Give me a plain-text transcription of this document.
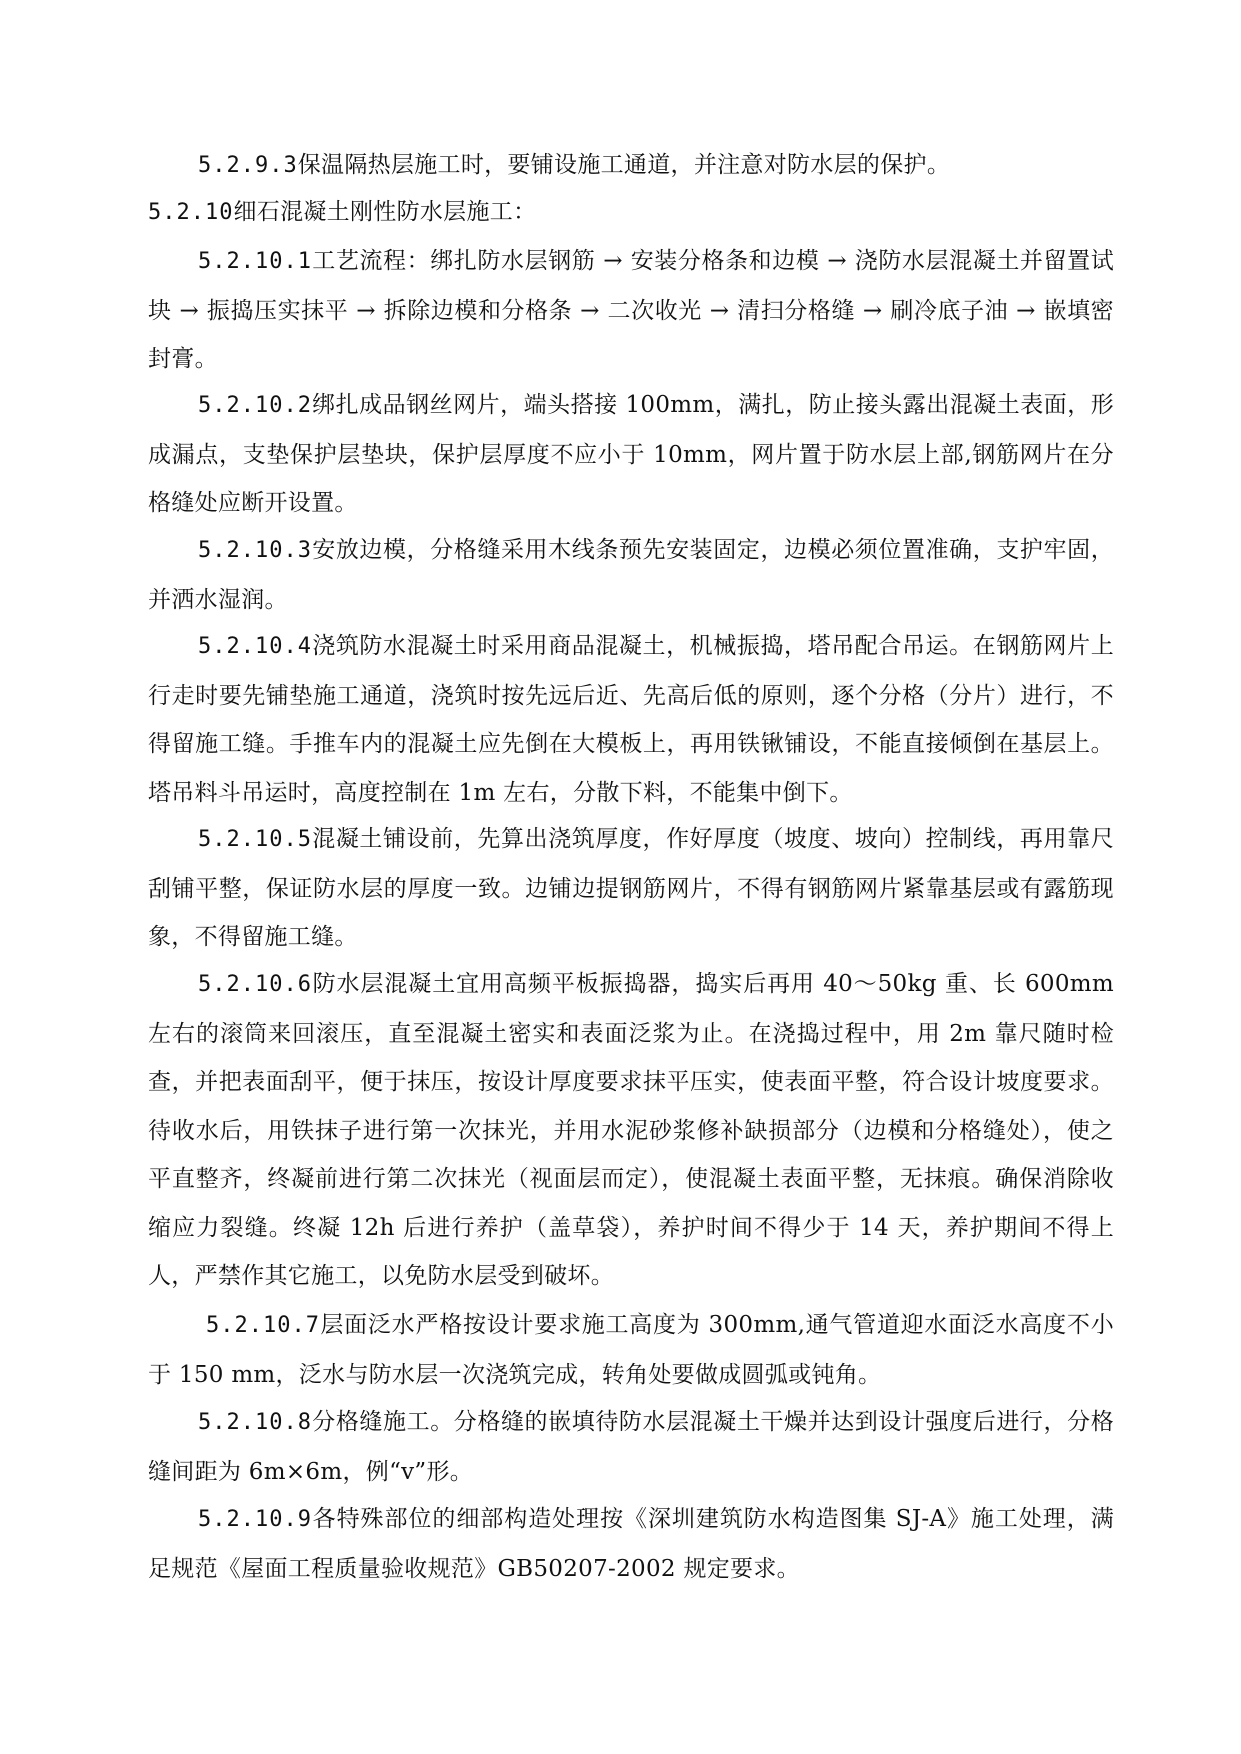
5.2.9.3保温隔热层施工时，要铺设施工通道，并注意对防水层的保护。

5.2.10细石混凝土刚性防水层施工：

5.2.10.1工艺流程：绑扎防水层钢筋 → 安装分格条和边模 → 浇防水层混凝土并留置试块 → 振捣压实抹平 → 拆除边模和分格条 → 二次收光 → 清扫分格缝 → 刷冷底子油 → 嵌填密封膏。

5.2.10.2绑扎成品钢丝网片，端头搭接 100mm，满扎，防止接头露出混凝土表面，形成漏点，支垫保护层垫块，保护层厚度不应小于 10mm，网片置于防水层上部,钢筋网片在分格缝处应断开设置。

5.2.10.3安放边模，分格缝采用木线条预先安装固定，边模必须位置准确，支护牢固，并洒水湿润。

5.2.10.4浇筑防水混凝土时采用商品混凝土，机械振捣，塔吊配合吊运。在钢筋网片上行走时要先铺垫施工通道，浇筑时按先远后近、先高后低的原则，逐个分格（分片）进行，不得留施工缝。手推车内的混凝土应先倒在大模板上，再用铁锹铺设，不能直接倾倒在基层上。塔吊料斗吊运时，高度控制在 1m 左右，分散下料，不能集中倒下。

5.2.10.5混凝土铺设前，先算出浇筑厚度，作好厚度（坡度、坡向）控制线，再用靠尺刮铺平整，保证防水层的厚度一致。边铺边提钢筋网片，不得有钢筋网片紧靠基层或有露筋现象，不得留施工缝。

5.2.10.6防水层混凝土宜用高频平板振捣器，捣实后再用 40～50kg 重、长 600mm左右的滚筒来回滚压，直至混凝土密实和表面泛浆为止。在浇捣过程中，用 2m 靠尺随时检查，并把表面刮平，便于抹压，按设计厚度要求抹平压实，使表面平整，符合设计坡度要求。待收水后，用铁抹子进行第一次抹光，并用水泥砂浆修补缺损部分（边模和分格缝处），使之平直整齐，终凝前进行第二次抹光（视面层而定），使混凝土表面平整，无抹痕。确保消除收缩应力裂缝。终凝 12h 后进行养护（盖草袋），养护时间不得少于 14 天，养护期间不得上人，严禁作其它施工，以免防水层受到破坏。

5.2.10.7层面泛水严格按设计要求施工高度为 300mm,通气管道迎水面泛水高度不小于 150 mm，泛水与防水层一次浇筑完成，转角处要做成圆弧或钝角。

5.2.10.8分格缝施工。分格缝的嵌填待防水层混凝土干燥并达到设计强度后进行，分格缝间距为 6m×6m，例“v”形。

5.2.10.9各特殊部位的细部构造处理按《深圳建筑防水构造图集 SJ-A》施工处理，满足规范《屋面工程质量验收规范》GB50207-2002 规定要求。
